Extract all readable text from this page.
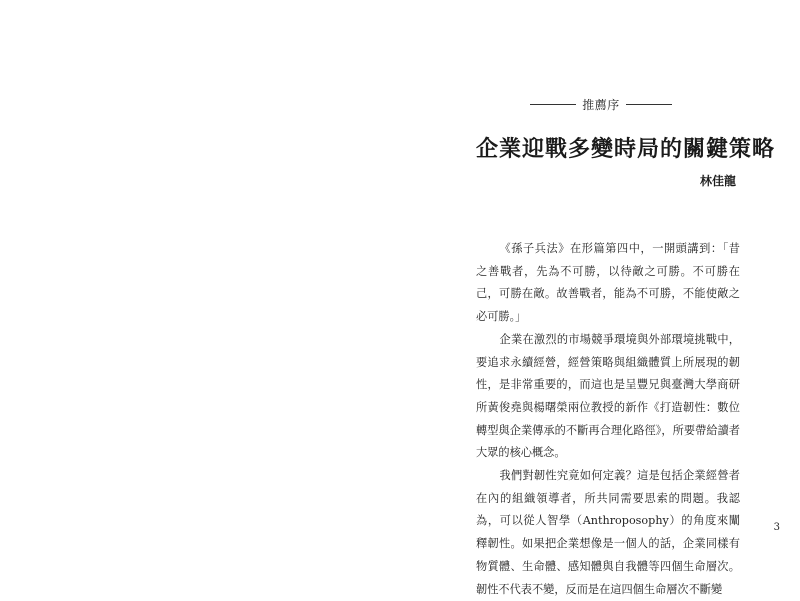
推薦序
企業迎戰多變時局的關鍵策略
林佳龍

《孫子兵法》在形篇第四中，一開頭講到：「昔之善戰者，先為不可勝，以待敵之可勝。不可勝在己，可勝在敵。故善戰者，能為不可勝，不能使敵之必可勝。」

企業在激烈的市場競爭環境與外部環境挑戰中，要追求永續經營，經營策略與組織體質上所展現的韌性，是非常重要的，而這也是呈豐兄與臺灣大學商研所黃俊堯與楊曙榮兩位教授的新作《打造韌性：數位轉型與企業傳承的不斷再合理化路徑》，所要帶給讀者大眾的核心概念。

我們對韌性究竟如何定義？這是包括企業經營者在內的組織領導者，所共同需要思索的問題。我認為，可以從人智學（Anthroposophy）的角度來闡釋韌性。如果把企業想像是一個人的話，企業同樣有物質體、生命體、感知體與自我體等四個生命層次。韌性不代表不變，反而是在這四個生命層次不斷變

3
